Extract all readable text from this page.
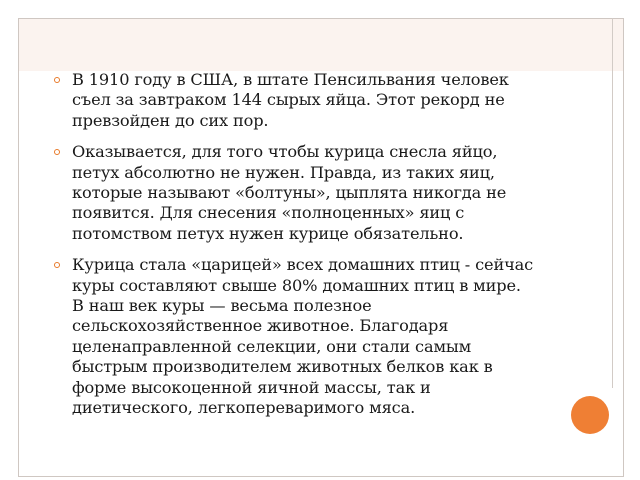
В 1910 году в США, в штате Пенсильвания человек
съел за завтраком 144 сырых яйца. Этот рекорд не
превзойден до сих пор.
Оказывается, для того чтобы курица снесла яйцо,
петух абсолютно не нужен. Правда, из таких яиц,
которые называют «болтуны», цыплята никогда не
появится. Для снесения «полноценных» яиц с
потомством петух нужен курице обязательно.
Курица стала «царицей» всех домашних птиц - сейчас
куры составляют свыше 80% домашних птиц в мире.
В наш век куры — весьма полезное
сельскохозяйственное животное. Благодаря
целенаправленной селекции, они стали самым
быстрым производителем животных белков как в
форме высокоценной яичной массы, так и
диетического, легкопереваримого мяса.
